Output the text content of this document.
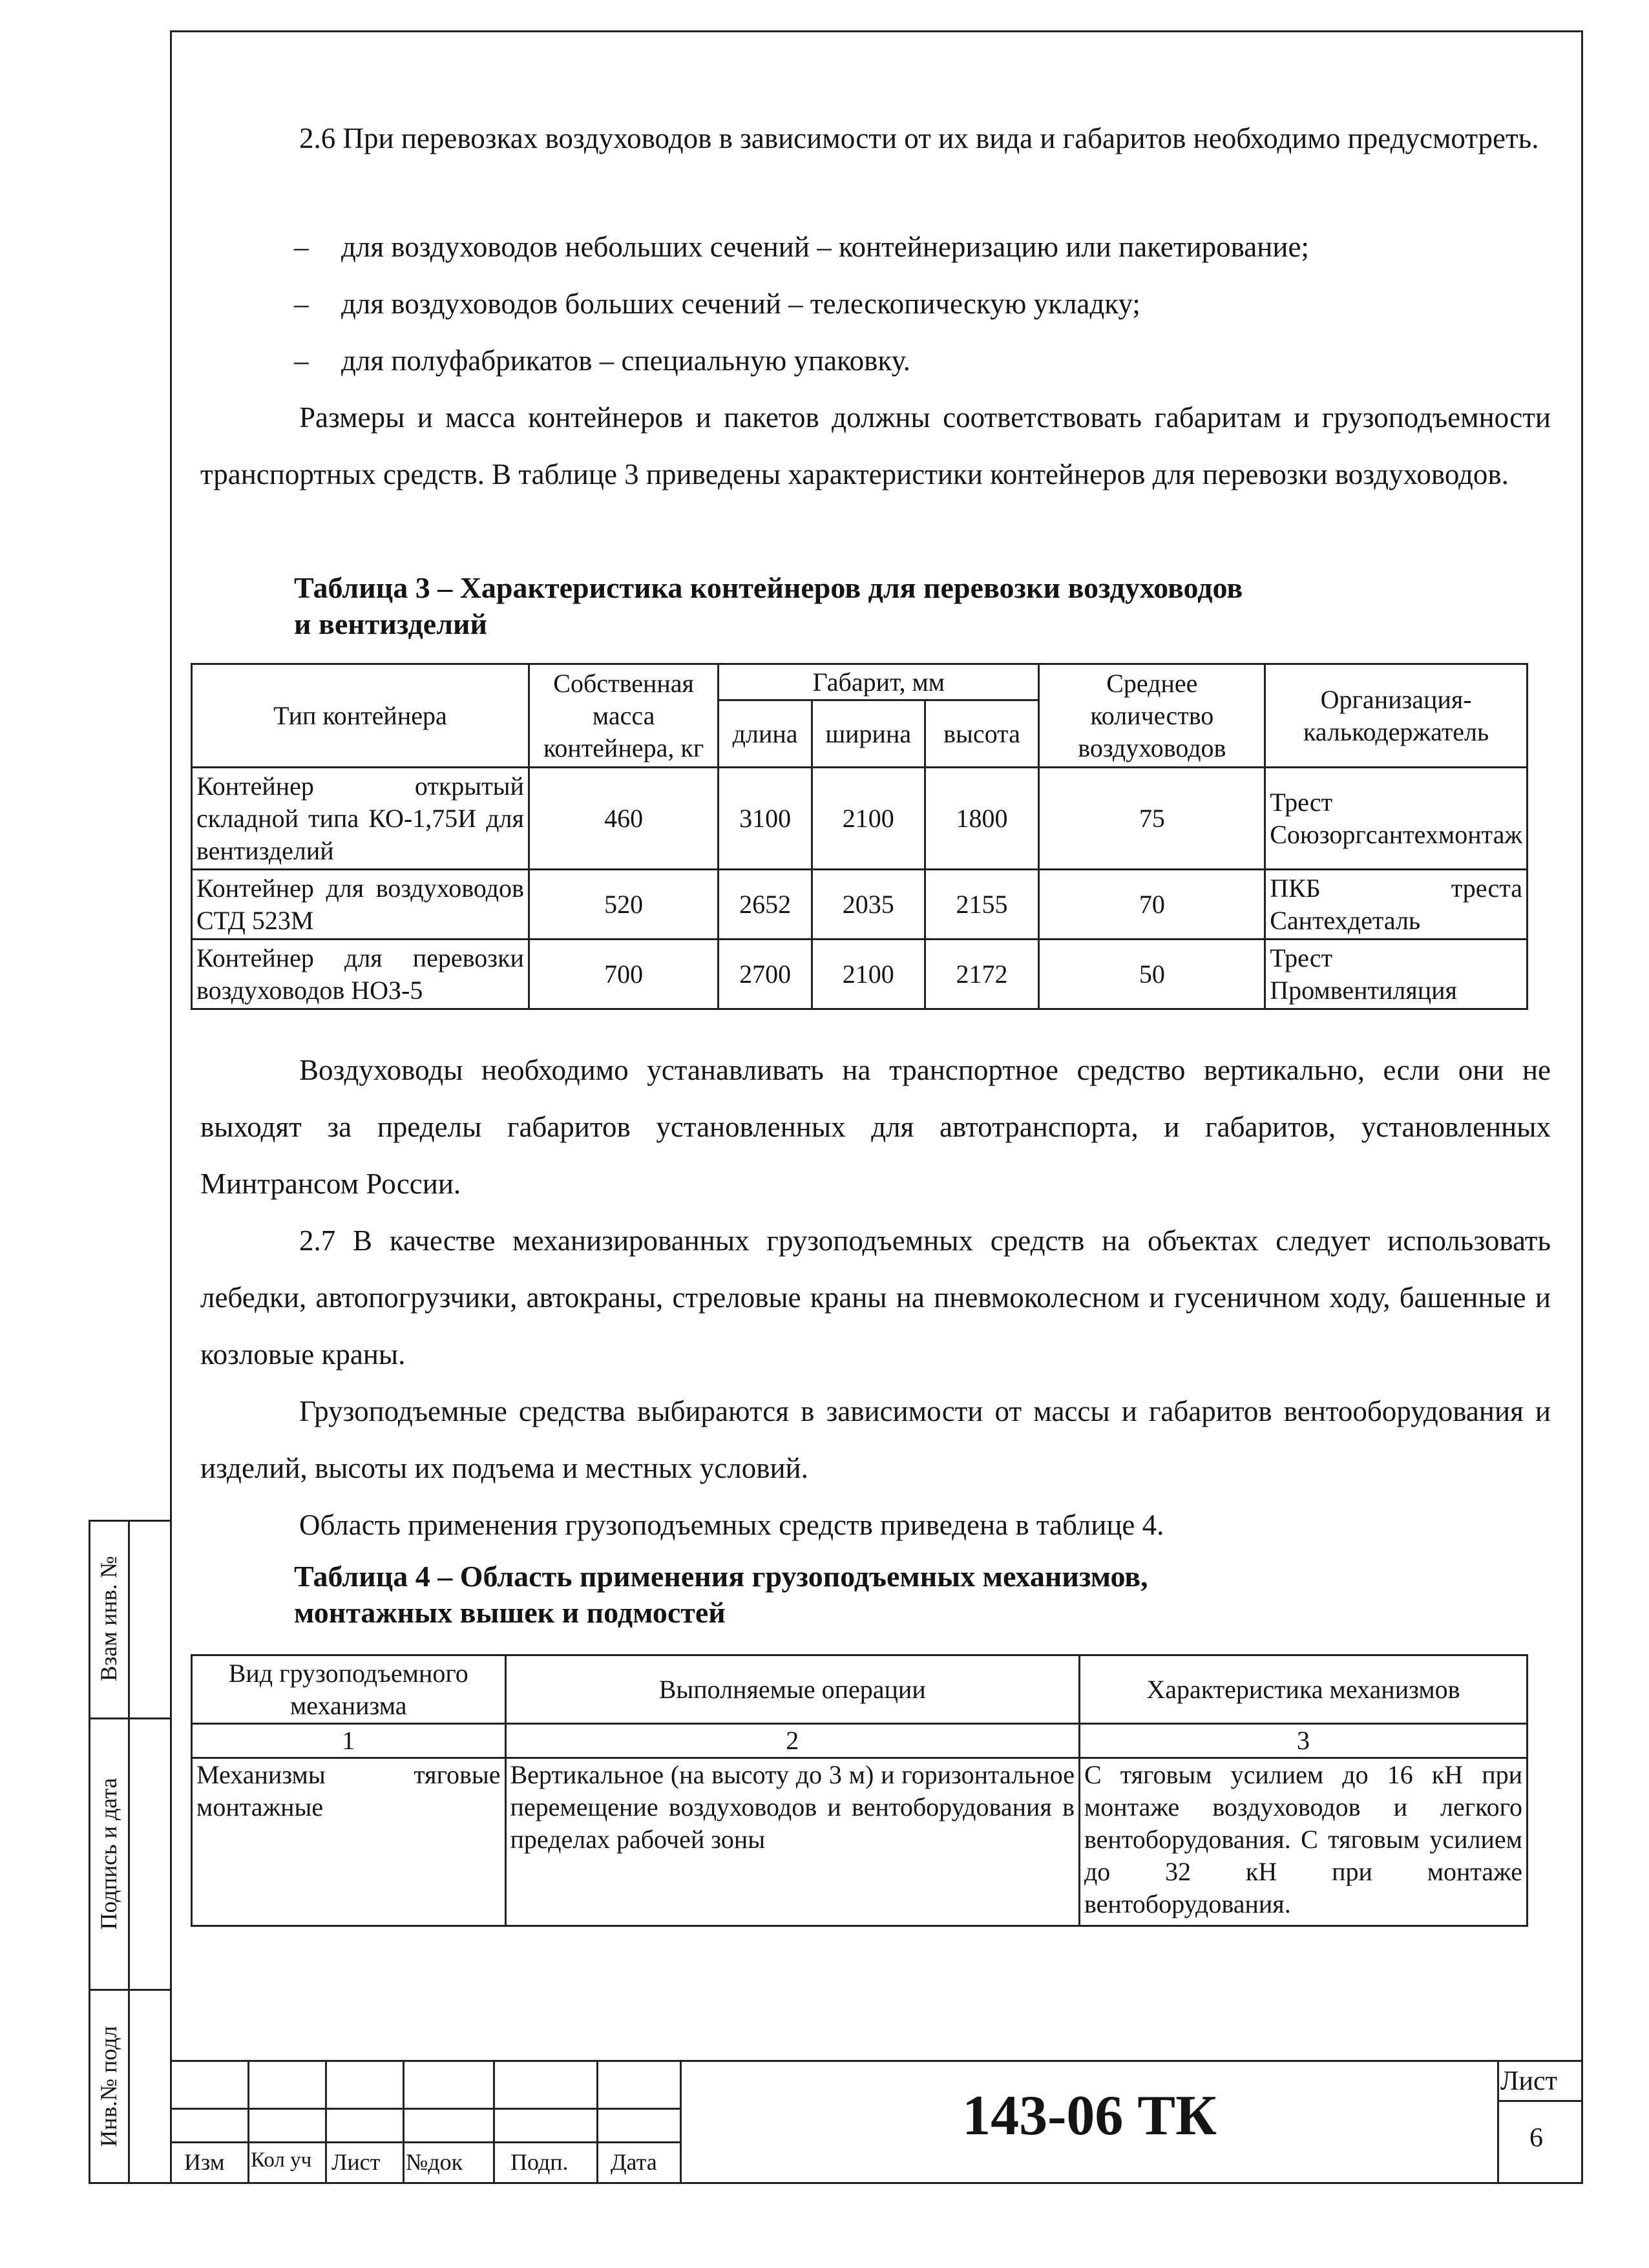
2.6 При перевозках воздуховодов в зависимости от их вида и габаритов необходимо предусмотреть.
– для воздуховодов небольших сечений – контейнеризацию или пакетирование;
– для воздуховодов больших сечений – телескопическую укладку;
– для полуфабрикатов – специальную упаковку.
Размеры и масса контейнеров и пакетов должны соответствовать габаритам и грузоподъемности транспортных средств. В таблице 3 приведены характеристики контейнеров для перевозки воздуховодов.
Таблица 3 – Характеристика контейнеров для перевозки воздуховодов
и вентизделий
Тип контейнера	Собственная масса контейнера, кг	Габарит, мм			Среднее количество воздуховодов	Организация-калькодержатель
		длина	ширина	высота		
Контейнер открытый складной типа КО-1,75И для вентизделий	460	3100	2100	1800	75	Трест Союзоргсантехмонтаж
Контейнер для воздуховодов СТД 523М	520	2652	2035	2155	70	ПКБ треста Сантехдеталь
Контейнер для перевозки воздуховодов НОЗ-5	700	2700	2100	2172	50	Трест Промвентиляция
Воздуховоды необходимо устанавливать на транспортное средство вертикально, если они не выходят за пределы габаритов установленных для автотранспорта, и габаритов, установленных Минтрансом России.
2.7 В качестве механизированных грузоподъемных средств на объектах следует использовать лебедки, автопогрузчики, автокраны, стреловые краны на пневмоколесном и гусеничном ходу, башенные и козловые краны.
Грузоподъемные средства выбираются в зависимости от массы и габаритов вентооборудования и изделий, высоты их подъема и местных условий.
Область применения грузоподъемных средств приведена в таблице 4.
Таблица 4 – Область применения грузоподъемных механизмов,
монтажных вышек и подмостей
Вид грузоподъемного механизма	Выполняемые операции	Характеристика механизмов
1	2	3
Механизмы тяговые монтажные	Вертикальное (на высоту до 3 м) и горизонтальное перемещение воздуховодов и вентоборудования в пределах рабочей зоны	С тяговым усилием до 16 кН при монтаже воздуховодов и легкого вентоборудования. С тяговым усилием до 32 кН при монтаже вентоборудования.
Взам инв. №
Подпись и дата
Инв.№ подл
Изм Кол уч Лист №док Подп. Дата
143-06 ТК
Лист
6
